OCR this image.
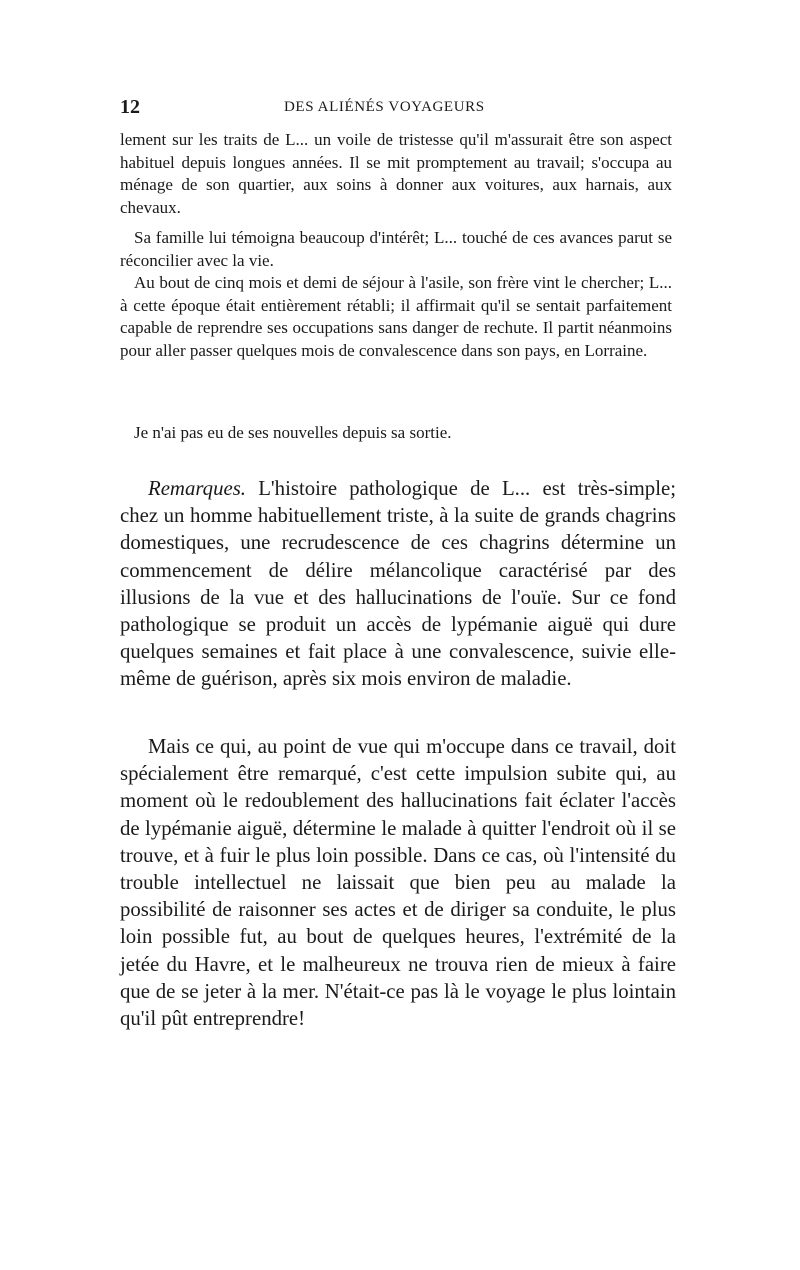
12	DES ALIÉNÉS VOYAGEURS

lement sur les traits de L... un voile de tristesse qu'il m'assurait être son aspect habituel depuis longues années. Il se mit promptement au travail; s'occupa au ménage de son quartier, aux soins à donner aux voitures, aux harnais, aux chevaux.

Sa famille lui témoigna beaucoup d'intérêt; L... touché de ces avances parut se réconcilier avec la vie.

Au bout de cinq mois et demi de séjour à l'asile, son frère vint le chercher; L... à cette époque était entièrement rétabli; il affirmait qu'il se sentait parfaitement capable de reprendre ses occupations sans danger de rechute. Il partit néanmoins pour aller passer quelques mois de convalescence dans son pays, en Lorraine.

Je n'ai pas eu de ses nouvelles depuis sa sortie.

Remarques. L'histoire pathologique de L... est très-simple; chez un homme habituellement triste, à la suite de grands chagrins domestiques, une recrudescence de ces chagrins détermine un commencement de délire mélancolique caractérisé par des illusions de la vue et des hallucinations de l'ouïe. Sur ce fond pathologique se produit un accès de lypémanie aiguë qui dure quelques semaines et fait place à une convalescence, suivie elle-même de guérison, après six mois environ de maladie.

Mais ce qui, au point de vue qui m'occupe dans ce travail, doit spécialement être remarqué, c'est cette impulsion subite qui, au moment où le redoublement des hallucinations fait éclater l'accès de lypémanie aiguë, détermine le malade à quitter l'endroit où il se trouve, et à fuir le plus loin possible. Dans ce cas, où l'intensité du trouble intellectuel ne laissait que bien peu au malade la possibilité de raisonner ses actes et de diriger sa conduite, le plus loin possible fut, au bout de quelques heures, l'extrémité de la jetée du Havre, et le malheureux ne trouva rien de mieux à faire que de se jeter à la mer. N'était-ce pas là le voyage le plus lointain qu'il pût entreprendre!
